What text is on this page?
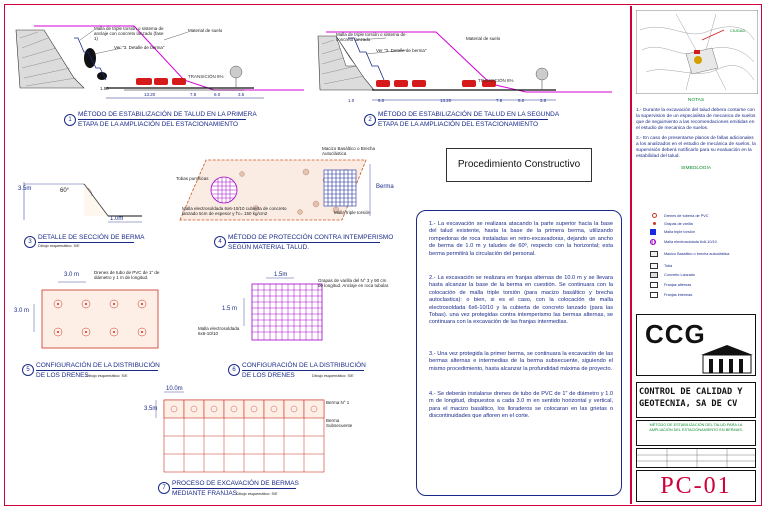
Malla de triple torsión o sistema de anclaje con concreto lanzado (fase 1)
Material de suelo
Ver "3. Detalle de berma"
TRANSICIÓN 8%
1.50
13.20	7.8	6.0	3.5
1
MÉTODO DE ESTABILIZACIÓN DE TALUD EN LA PRIMERA
ETAPA DE LA AMPLIACIÓN DEL ESTACIONAMIENTO
Malla de triple torsión o sistema de concreto lanzado	Material de suelo
Ver "3. Detalle de berma"
TRANSICIÓN 8%
1.0	6.0	13.20	7.8	6.0	3.5
2
MÉTODO DE ESTABILIZACIÓN DE TALUD EN LA SEGUNDA
ETAPA DE LA AMPLIACIÓN DEL ESTACIONAMIENTO
3.5m	60°
1.0m
3
DETALLE DE SECCIÓN DE BERMA
Dibujo esquemático: S/E
Macizo Basáltico o Brecha Autoclástica
Tobas pumíticas
Malla electrosoldada 6x6-10/10 cubierta de concreto lanzado 5cm de espesor y f'c= 150 kg/cm2	Malla triple torsión
Berma
4
MÉTODO DE PROTECCIÓN CONTRA INTEMPERISMO
SEGÚN MATERIAL TALUD.
3.0 m
3.0 m
Drenes de tubo de PVC de 1" de diámetro y 1 m de longitud.
5
CONFIGURACIÓN DE LA DISTRIBUCIÓN
DE LOS DRENES
Dibujo esquemático: S/E
1.5m
1.5 m
Grapas de varilla del N° 3 y 90 cm de longitud. Anclaje en roca tubular.
Malla electrosoldada 6x6-10/10
6
CONFIGURACIÓN DE LA DISTRIBUCIÓN
DE LOS DRENES	Dibujo esquemático: S/E
10.0m
3.5m
Berma N° 1
Berma Subsecuente
7
PROCESO DE EXCAVACIÓN DE BERMAS
MEDIANTE FRANJAS.
Dibujo esquemático: S/E
Procedimiento Constructivo
1.- La excavación se realizara atacando la parte superior hacia la base del talud existente, hasta la base de la primera berma, utilizando rompedoras de roca instaladas en retro-excavadoras, dejando un ancho de berma de 1.0 m y taludes de 60º, respecto con la horizontal; esta berma permitirá la circulación del personal.
2.- La excavación se realizara en franjas alternas de 10.0 m y se llevara hasta alcanzar la base de la berma en cuestión. Se continuara con la colocación de malla triple torsión (para macizo basáltico y brecha autoclastica): o bien, si es el caso, con la colocación de malla electrosoldada 6x6-10/10 y la cubierta de concreto lanzado (para las Tobas). una vez protegidas contra intemperismo las bermas alternas, se continuara con la excavación de las franjas intermedias.
3.- Una vez protegida la primer berma, se continuara la excavación de las bermas alternas e intermedias de la berma subsecuente, siguiendo el mismo procedimiento, hasta alcanzar la profundidad máxima de proyecto.
4.- Se deberán instalarse drenes de tubo de PVC de 1" de diámetro y 1.0 m de longitud, dispuestos a cada 3.0 m en sentido horizontal y vertical, para el macizo basáltico, los lloraderos se colocaran en las grietas o discontinuidades que afloren en el corte.
CIUDAD
NOTAS
1.- Durante la excavación del talud debera contarse con la supervision de un especialista de mecanica de suelos que de seguimiento a las recomendaciones emitidas en el estudio de mecanica de suelos.
2.- En caso de presentarse planos de fallas adicionales a los analizados en el estudio de mecánica de suelos, la supervisión deberá notificarlo para su evaluación en la estabilidad del talud.
SIMBOLOGÍA
Drenes de tubería de PVC
Grapas de varilla
Malla triple torsión
Malla electrosoldada 6x6-10/10
Macizo Basáltico o brecha autoclástica
Toba
Concreto Lanzado
Franjas alternas
Franjas intermas
CCG
CONTROL DE CALIDAD Y
GEOTECNIA, SA DE CV
MÉTODO DE ESTABILIZACIÓN DEL TALUD PARA LA AMPLIACIÓN DEL ESTACIONAMIENTO EN BERMAS.
PC-01
